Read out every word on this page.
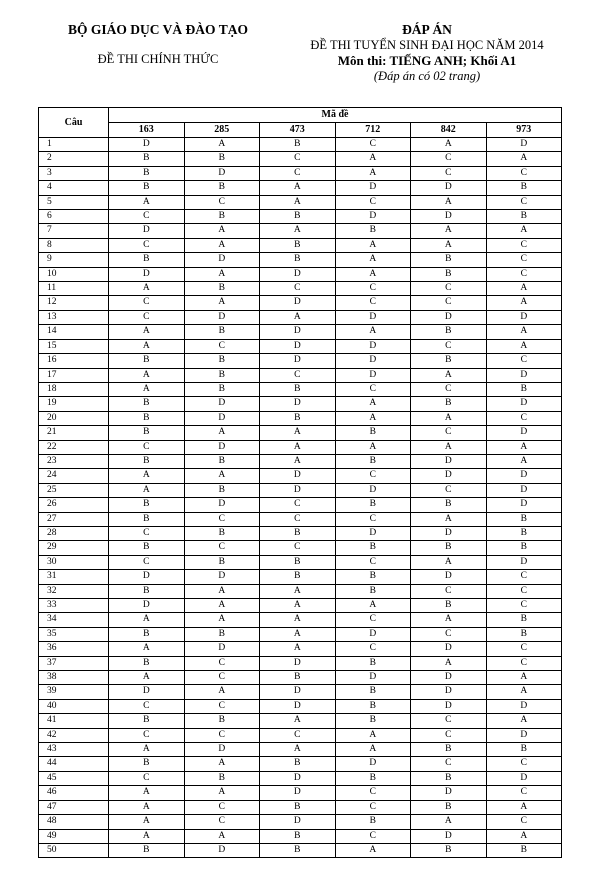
BỘ GIÁO DỤC VÀ ĐÀO TẠO
ĐỀ THI CHÍNH THỨC
ĐÁP ÁN
ĐỀ THI TUYỂN SINH ĐẠI HỌC NĂM 2014
Môn thi: TIẾNG ANH; Khối A1
(Đáp án có 02 trang)
Câu	Mã đề					
	163	285	473	712	842	973
1	D	A	B	C	A	D
2	B	B	C	A	C	A
3	B	D	C	A	C	C
4	B	B	A	D	D	B
5	A	C	A	C	A	C
6	C	B	B	D	D	B
7	D	A	A	B	A	A
8	C	A	B	A	A	C
9	B	D	B	A	B	C
10	D	A	D	A	B	C
11	A	B	C	C	C	A
12	C	A	D	C	C	A
13	C	D	A	D	D	D
14	A	B	D	A	B	A
15	A	C	D	D	C	A
16	B	B	D	D	B	C
17	A	B	C	D	A	D
18	A	B	B	C	C	B
19	B	D	D	A	B	D
20	B	D	B	A	A	C
21	B	A	A	B	C	D
22	C	D	A	A	A	A
23	B	B	A	B	D	A
24	A	A	D	C	D	D
25	A	B	D	D	C	D
26	B	D	C	B	B	D
27	B	C	C	C	A	B
28	C	B	B	D	D	B
29	B	C	C	B	B	B
30	C	B	B	C	A	D
31	D	D	B	B	D	C
32	B	A	A	B	C	C
33	D	A	A	A	B	C
34	A	A	A	C	A	B
35	B	B	A	D	C	B
36	A	D	A	C	D	C
37	B	C	D	B	A	C
38	A	C	B	D	D	A
39	D	A	D	B	D	A
40	C	C	D	B	D	D
41	B	B	A	B	C	A
42	C	C	C	A	C	D
43	A	D	A	A	B	B
44	B	A	B	D	C	C
45	C	B	D	B	B	D
46	A	A	D	C	D	C
47	A	C	B	C	B	A
48	A	C	D	B	A	C
49	A	A	B	C	D	A
50	B	D	B	A	B	B
